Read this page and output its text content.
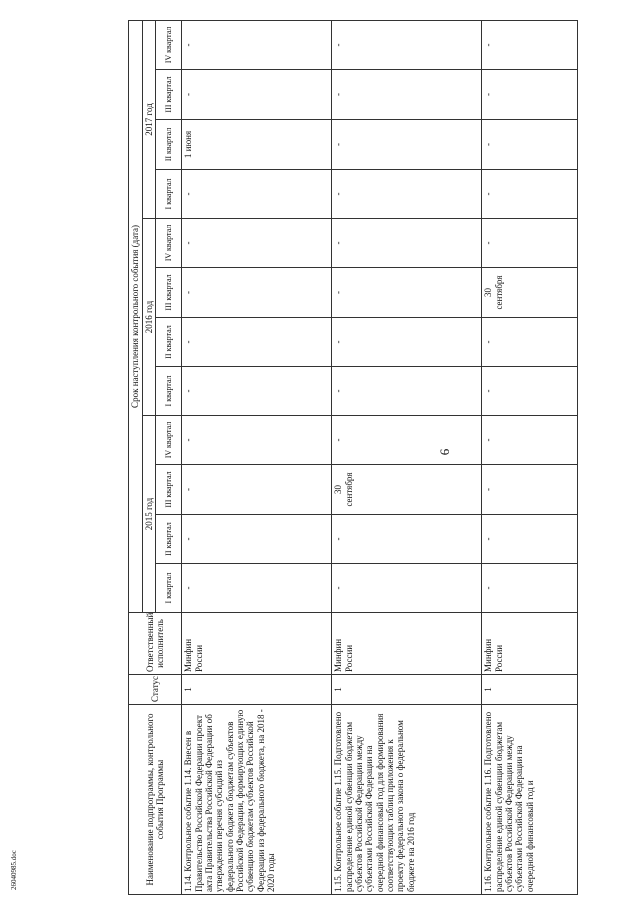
6
Наименование подпрограммы, контрольного события Программы	Статус	Ответственный исполнитель	Срок наступления контрольного события (дата)											
			2015 год				2016 год				2017 год			
			I квартал	II квартал	III квартал	IV квартал	I квартал	II квартал	III квартал	IV квартал	I квартал	II квартал	III квартал	IV квартал
1.14. Контрольное событие 1.14. Внесен в Правительство Российской Федерации проект акта Правительства Российской Федерации об утверждении перечня субсидий из федерального бюджета бюджетам субъектов Российской Федерации, формирующих единую субвенцию бюджетам субъектов Российской Федерации из федерального бюджета, на 2018 - 2020 годы	1	Минфин России	-	-	-	-	-	-	-	-	-	1 июня	-	-
1.15. Контрольное событие 1.15. Подготовлено распределение единой субвенции бюджетам субъектов Российской Федерации между субъектами Российской Федерации на очередной финансовый год для формирования соответствующих таблиц приложения к проекту федерального закона о федеральном бюджете на 2016 год	1	Минфин России	-	-	30 сентября	-	-	-	-	-	-	-	-	-
1.16. Контрольное событие 1.16. Подготовлено распределение единой субвенции бюджетам субъектов Российской Федерации между субъектами Российской Федерации на очередной финансовый год и	1	Минфин России	-	-	-	-	-	-	30 сентября	-	-	-	-	-
26040985.doc
